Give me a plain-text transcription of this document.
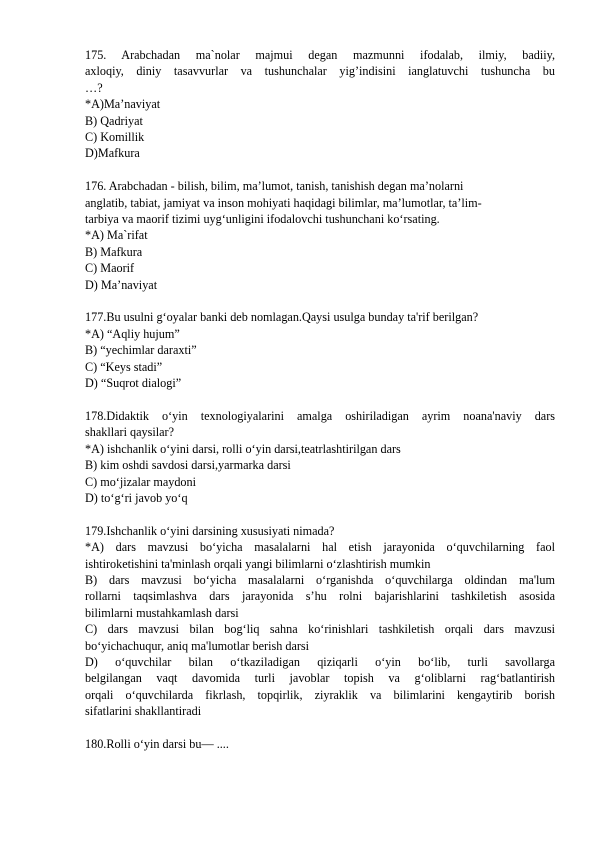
175. Arabchadan ma`nolar majmui degan mazmunni ifodalab, ilmiy, badiiy,
axloqiy, diniy tasavvurlar va tushunchalar yig’indisini ianglatuvchi tushuncha bu
…?
*A)Ma’naviyat
B) Qadriyat
C) Komillik
D)Mafkura
176. Arabchadan - bilish, bilim, ma’lumot, tanish, tanishish degan ma’nolarni
anglatib, tabiat, jamiyat va inson mohiyati haqidagi bilimlar, ma’lumotlar, ta’lim-
tarbiya va maorif tizimi uyg‘unligini ifodalovchi tushunchani ko‘rsating.
*A) Ma`rifat
B) Mafkura
C) Maorif
D) Ma’naviyat
177.Bu usulni g‘oyalar banki deb nomlagan.Qaysi usulga bunday ta'rif berilgan?
*A) “Aqliy hujum”
B) “yechimlar daraxti”
C) “Keys stadi”
D) “Suqrot dialogi”
178.Didaktik o‘yin texnologiyalarini amalga oshiriladigan ayrim noana'naviy dars
shakllari qaysilar?
*A) ishchanlik o‘yini darsi, rolli o‘yin darsi,teatrlashtirilgan dars
B) kim oshdi savdosi darsi,yarmarka darsi
C) mo‘jizalar maydoni
D) to‘g‘ri javob yo‘q
179.Ishchanlik o‘yini darsining xususiyati nimada?
*A) dars mavzusi bo‘yicha masalalarni hal etish jarayonida o‘quvchilarning faol
ishtiroketishini ta'minlash orqali yangi bilimlarni o‘zlashtirish mumkin
B) dars mavzusi bo‘yicha masalalarni o‘rganishda o‘quvchilarga oldindan ma'lum
rollarni taqsimlashva dars jarayonida s’hu rolni bajarishlarini tashkiletish asosida
bilimlarni mustahkamlash darsi
C) dars mavzusi bilan bog‘liq sahna ko‘rinishlari tashkiletish orqali dars mavzusi
bo‘yichachuqur, aniq ma'lumotlar berish darsi
D) o‘quvchilar bilan o‘tkaziladigan qiziqarli o‘yin bo‘lib, turli savollarga
belgilangan vaqt davomida turli javoblar topish va g‘oliblarni rag‘batlantirish
orqali o‘quvchilarda fikrlash, topqirlik, ziyraklik va bilimlarini kengaytirib borish
sifatlarini shakllantiradi
180.Rolli o‘yin darsi bu— ....
